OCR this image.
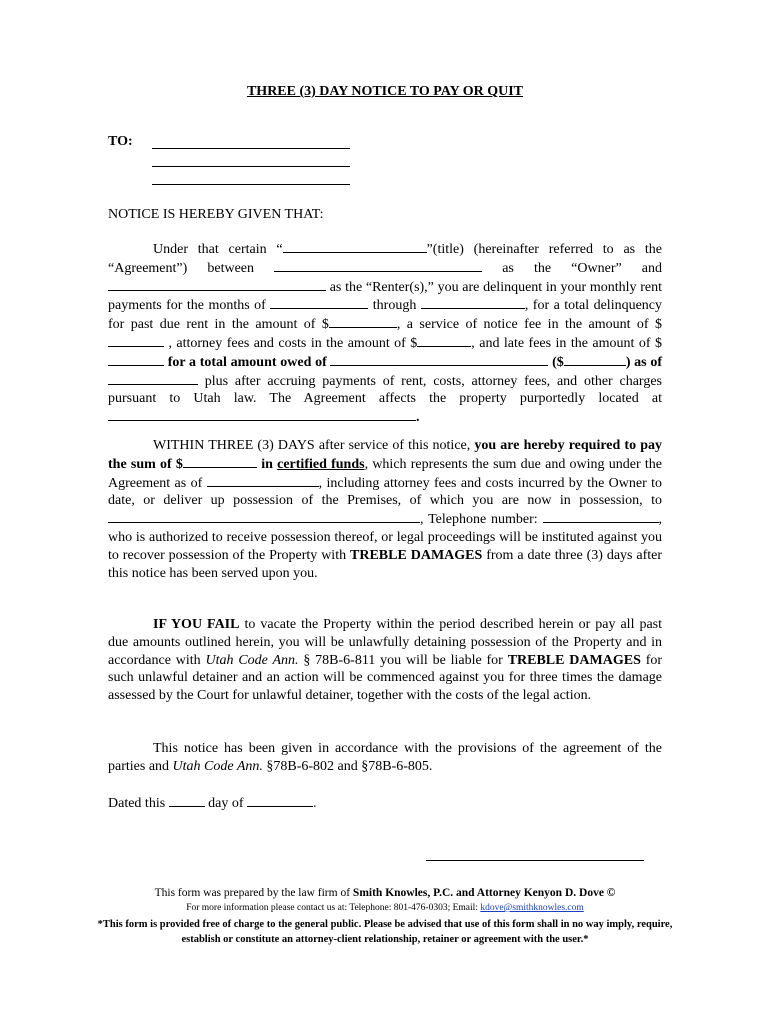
THREE (3) DAY NOTICE TO PAY OR QUIT
TO:
NOTICE IS HEREBY GIVEN THAT:
Under that certain “	”(title) (hereinafter referred to as the “Agreement”) between	as the “Owner” and  as the “Renter(s),” you are delinquent in your monthly rent payments for the months of	through	, for a total delinquency for past due rent in the amount of $	, a service of notice fee in the amount of $ , attorney fees and costs in the amount of $	, and late fees in the amount of $ for a total amount owed of	($	) as of  plus after accruing payments of rent, costs, attorney fees, and other charges pursuant to Utah law. The Agreement affects the property purportedly located at .
WITHIN THREE (3) DAYS after service of this notice, you are hereby required to pay the sum of $	in certified funds, which represents the sum due and owing under the Agreement as of	, including attorney fees and costs incurred by the Owner to date, or deliver up possession of the Premises, of which you are now in possession, to , Telephone number:	, who is authorized to receive possession thereof, or legal proceedings will be instituted against you to recover possession of the Property with TREBLE DAMAGES from a date three (3) days after this notice has been served upon you.
IF YOU FAIL to vacate the Property within the period described herein or pay all past due amounts outlined herein, you will be unlawfully detaining possession of the Property and in accordance with Utah Code Ann. § 78B-6-811 you will be liable for TREBLE DAMAGES for such unlawful detainer and an action will be commenced against you for three times the damage assessed by the Court for unlawful detainer, together with the costs of the legal action.
This notice has been given in accordance with the provisions of the agreement of the parties and Utah Code Ann. §78B-6-802 and §78B-6-805.
Dated this	day of	.
This form was prepared by the law firm of Smith Knowles, P.C. and Attorney Kenyon D. Dove ©
For more information please contact us at: Telephone: 801-476-0303; Email: kdove@smithknowles.com
*This form is provided free of charge to the general public. Please be advised that use of this form shall in no way imply, require, establish or constitute an attorney-client relationship, retainer or agreement with the user.*
